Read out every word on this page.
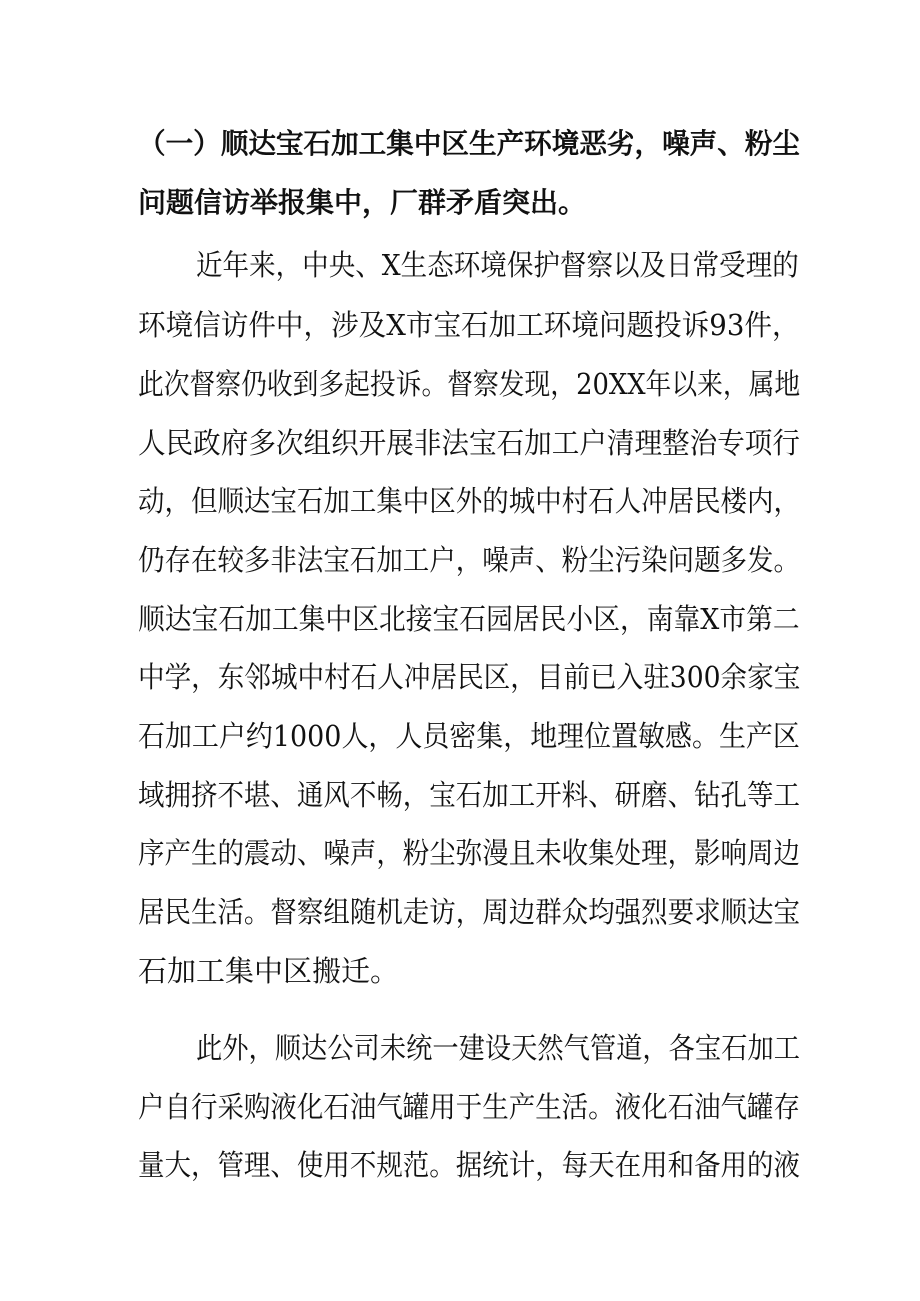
（一）顺达宝石加工集中区生产环境恶劣，噪声、粉尘
问题信访举报集中，厂群矛盾突出。
近年来，中央、X生态环境保护督察以及日常受理的
环境信访件中，涉及X市宝石加工环境问题投诉93件，
此次督察仍收到多起投诉。督察发现，20XX年以来，属地
人民政府多次组织开展非法宝石加工户清理整治专项行
动，但顺达宝石加工集中区外的城中村石人冲居民楼内，
仍存在较多非法宝石加工户，噪声、粉尘污染问题多发。
顺达宝石加工集中区北接宝石园居民小区，南靠X市第二
中学，东邻城中村石人冲居民区，目前已入驻300余家宝
石加工户约1000人，人员密集，地理位置敏感。生产区
域拥挤不堪、通风不畅，宝石加工开料、研磨、钻孔等工
序产生的震动、噪声，粉尘弥漫且未收集处理，影响周边
居民生活。督察组随机走访，周边群众均强烈要求顺达宝
石加工集中区搬迁。
此外，顺达公司未统一建设天然气管道，各宝石加工
户自行采购液化石油气罐用于生产生活。液化石油气罐存
量大，管理、使用不规范。据统计，每天在用和备用的液
